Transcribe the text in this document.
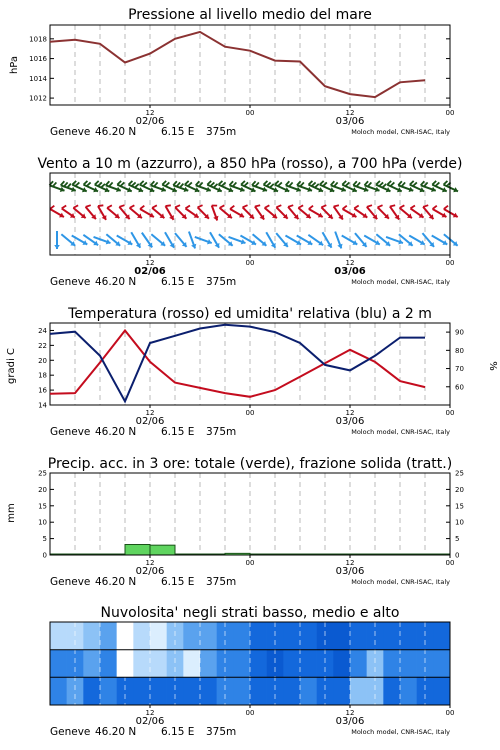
Pressione al livello medio del mare
hPa
1012
1014
1016
1018
12	00	12	00
02/06	03/06
Geneve 46.20 N 6.15 E 375m	Moloch model, CNR-ISAC, Italy
Vento a 10 m (azzurro), a 850 hPa (rosso), a 700 hPa (verde)
12	00	12	00
02/06	03/06
Geneve 46.20 N 6.15 E 375m	Moloch model, CNR-ISAC, Italy
Temperatura (rosso) ed umidita' relativa (blu) a 2 m
gradi C	%
14
16
18
20
22
24
60
70
80
90
12	00	12	00
02/06	03/06
Geneve 46.20 N 6.15 E 375m	Moloch model, CNR-ISAC, Italy
Precip. acc. in 3 ore: totale (verde), frazione solida (tratt.)
mm
0
5
10
15
20
25
0
5
10
15
20
25
12	00	12	00
02/06	03/06
Geneve 46.20 N 6.15 E 375m	Moloch model, CNR-ISAC, Italy
Nuvolosita' negli strati basso, medio e alto
12	00	12	00
02/06	03/06
Geneve 46.20 N 6.15 E 375m	Moloch model, CNR-ISAC, Italy
